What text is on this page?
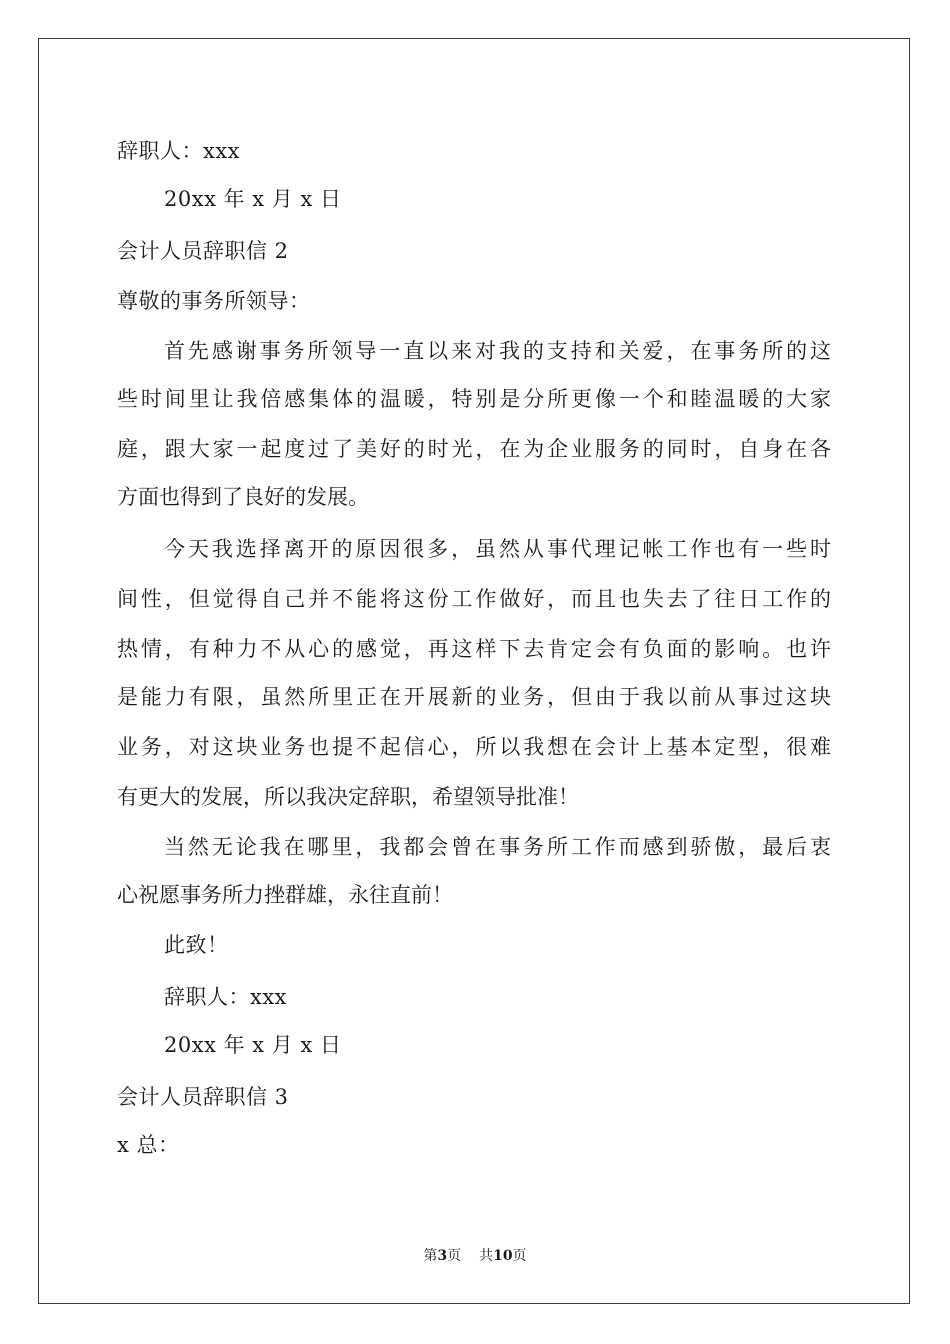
辞职人：xxx
20xx 年 x 月 x 日
会计人员辞职信 2
尊敬的事务所领导：
首先感谢事务所领导一直以来对我的支持和关爱，在事务所的这
些时间里让我倍感集体的温暖，特别是分所更像一个和睦温暖的大家
庭，跟大家一起度过了美好的时光，在为企业服务的同时，自身在各
方面也得到了良好的发展。
今天我选择离开的原因很多，虽然从事代理记帐工作也有一些时
间性，但觉得自己并不能将这份工作做好，而且也失去了往日工作的
热情，有种力不从心的感觉，再这样下去肯定会有负面的影响。也许
是能力有限，虽然所里正在开展新的业务，但由于我以前从事过这块
业务，对这块业务也提不起信心，所以我想在会计上基本定型，很难
有更大的发展，所以我决定辞职，希望领导批准！
当然无论我在哪里，我都会曾在事务所工作而感到骄傲，最后衷
心祝愿事务所力挫群雄，永往直前！
此致！
辞职人：xxx
20xx 年 x 月 x 日
会计人员辞职信 3
x 总：
第3页 共10页
